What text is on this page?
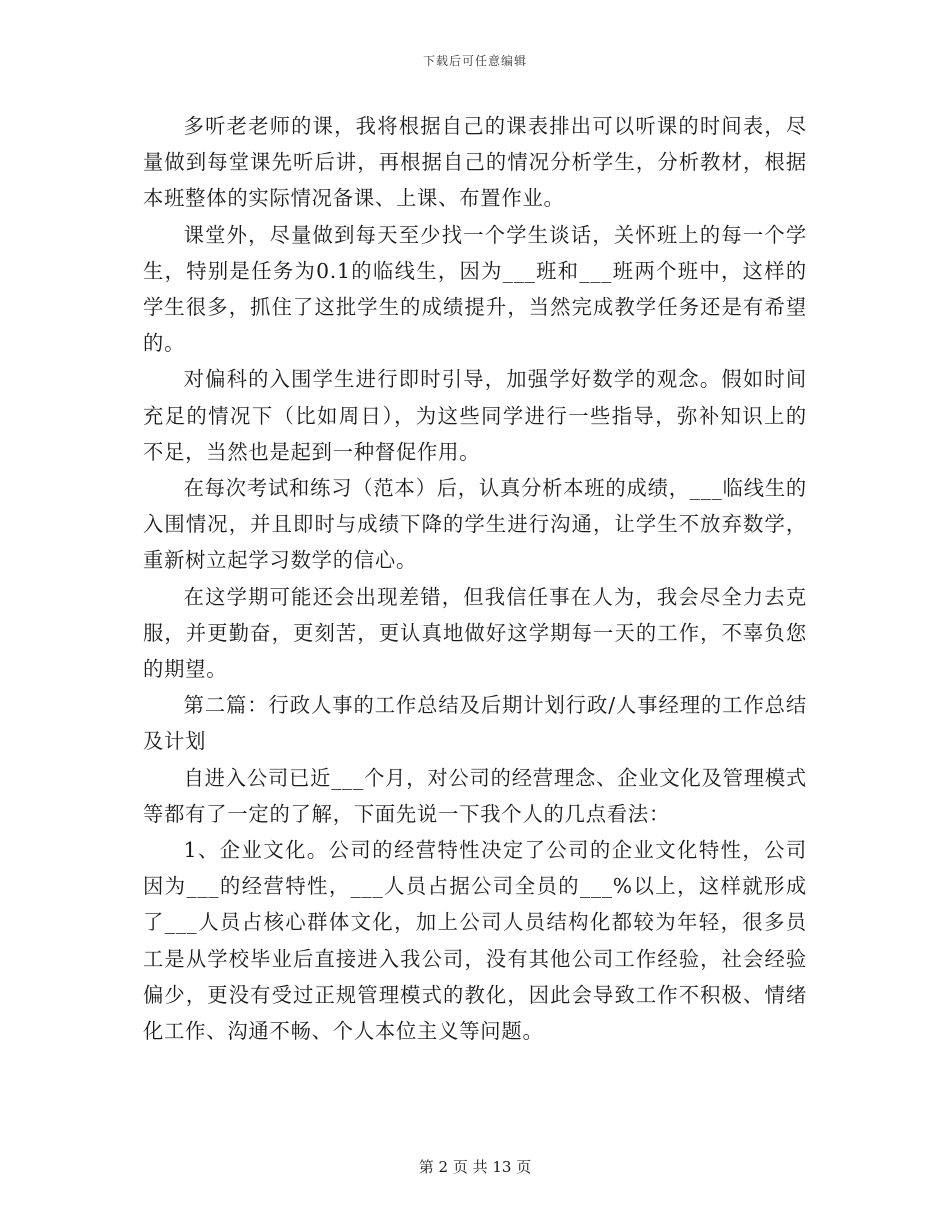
下载后可任意编辑

多听老老师的课，我将根据自己的课表排出可以听课的时间表，尽量做到每堂课先听后讲，再根据自己的情况分析学生，分析教材，根据本班整体的实际情况备课、上课、布置作业。

课堂外，尽量做到每天至少找一个学生谈话，关怀班上的每一个学生，特别是任务为0.1的临线生，因为___班和___班两个班中，这样的学生很多，抓住了这批学生的成绩提升，当然完成教学任务还是有希望的。

对偏科的入围学生进行即时引导，加强学好数学的观念。假如时间充足的情况下（比如周日），为这些同学进行一些指导，弥补知识上的不足，当然也是起到一种督促作用。

在每次考试和练习（范本）后，认真分析本班的成绩，___临线生的入围情况，并且即时与成绩下降的学生进行沟通，让学生不放弃数学，重新树立起学习数学的信心。

在这学期可能还会出现差错，但我信任事在人为，我会尽全力去克服，并更勤奋，更刻苦，更认真地做好这学期每一天的工作，不辜负您的期望。

第二篇：行政人事的工作总结及后期计划行政/人事经理的工作总结及计划

自进入公司已近___个月，对公司的经营理念、企业文化及管理模式等都有了一定的了解，下面先说一下我个人的几点看法：

1、企业文化。公司的经营特性决定了公司的企业文化特性，公司因为___的经营特性，___人员占据公司全员的___%以上，这样就形成了___人员占核心群体文化，加上公司人员结构化都较为年轻，很多员工是从学校毕业后直接进入我公司，没有其他公司工作经验，社会经验偏少，更没有受过正规管理模式的教化，因此会导致工作不积极、情绪化工作、沟通不畅、个人本位主义等问题。

第 2 页 共 13 页
